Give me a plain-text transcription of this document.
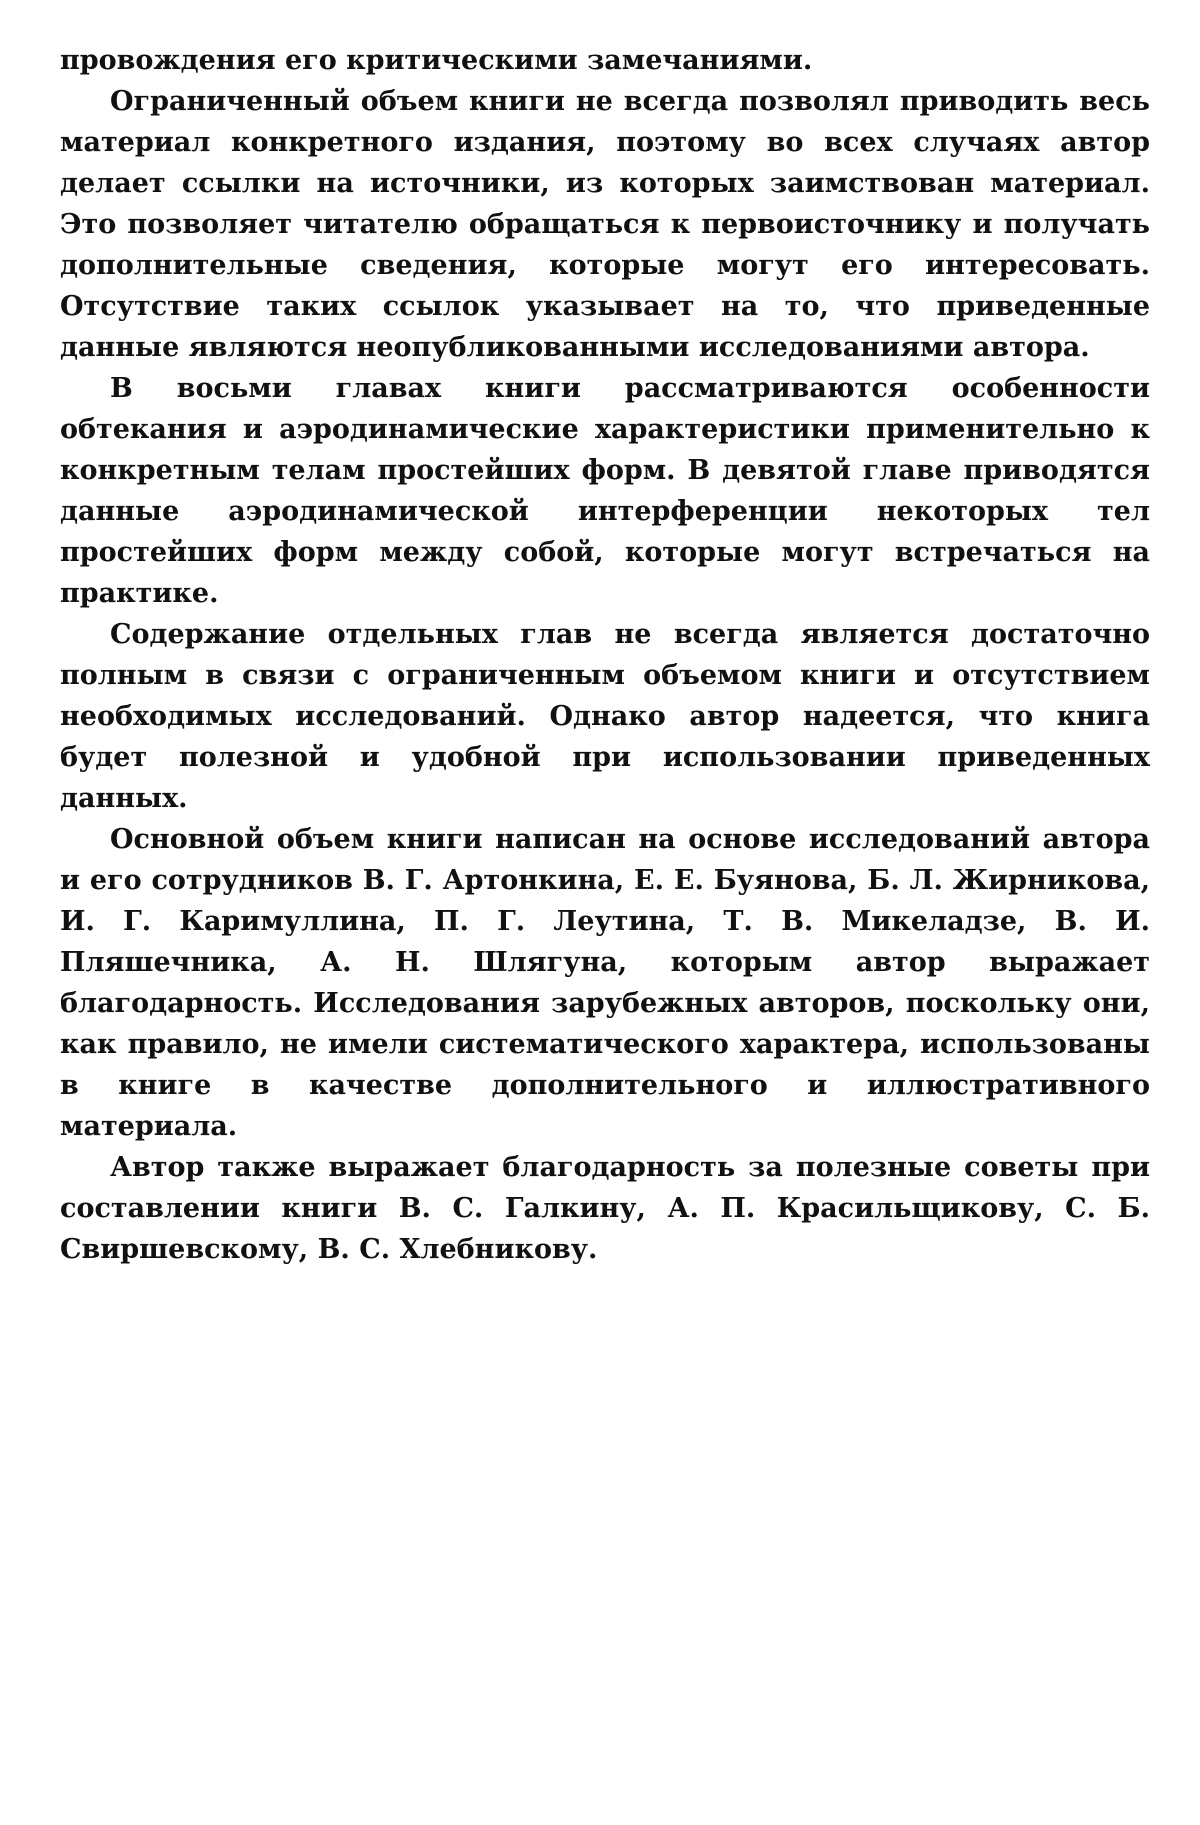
провождения его критическими замечаниями.

Ограниченный объем книги не всегда позволял приводить весь материал конкретного издания, поэтому во всех случаях автор делает ссылки на источники, из которых заимствован материал. Это позволяет читателю обращаться к первоисточнику и получать дополнительные сведения, которые могут его интересовать. Отсутствие таких ссылок указывает на то, что приведенные данные являются неопубликованными исследованиями автора.

В восьми главах книги рассматриваются особенности обтекания и аэродинамические характеристики применительно к конкретным телам простейших форм. В девятой главе приводятся данные аэродинамической интерференции некоторых тел простейших форм между собой, которые могут встречаться на практике.

Содержание отдельных глав не всегда является достаточно полным в связи с ограниченным объемом книги и отсутствием необходимых исследований. Однако автор надеется, что книга будет полезной и удобной при использовании приведенных данных.

Основной объем книги написан на основе исследований автора и его сотрудников В. Г. Артонкина, Е. Е. Буянова, Б. Л. Жирникова, И. Г. Каримуллина, П. Г. Леутина, Т. В. Микеладзе, В. И. Пляшечника, А. Н. Шлягуна, которым автор выражает благодарность. Исследования зарубежных авторов, поскольку они, как правило, не имели систематического характера, использованы в книге в качестве дополнительного и иллюстративного материала.

Автор также выражает благодарность за полезные советы при составлении книги В. С. Галкину, А. П. Красильщикову, С. Б. Свиршевскому, В. С. Хлебникову.
